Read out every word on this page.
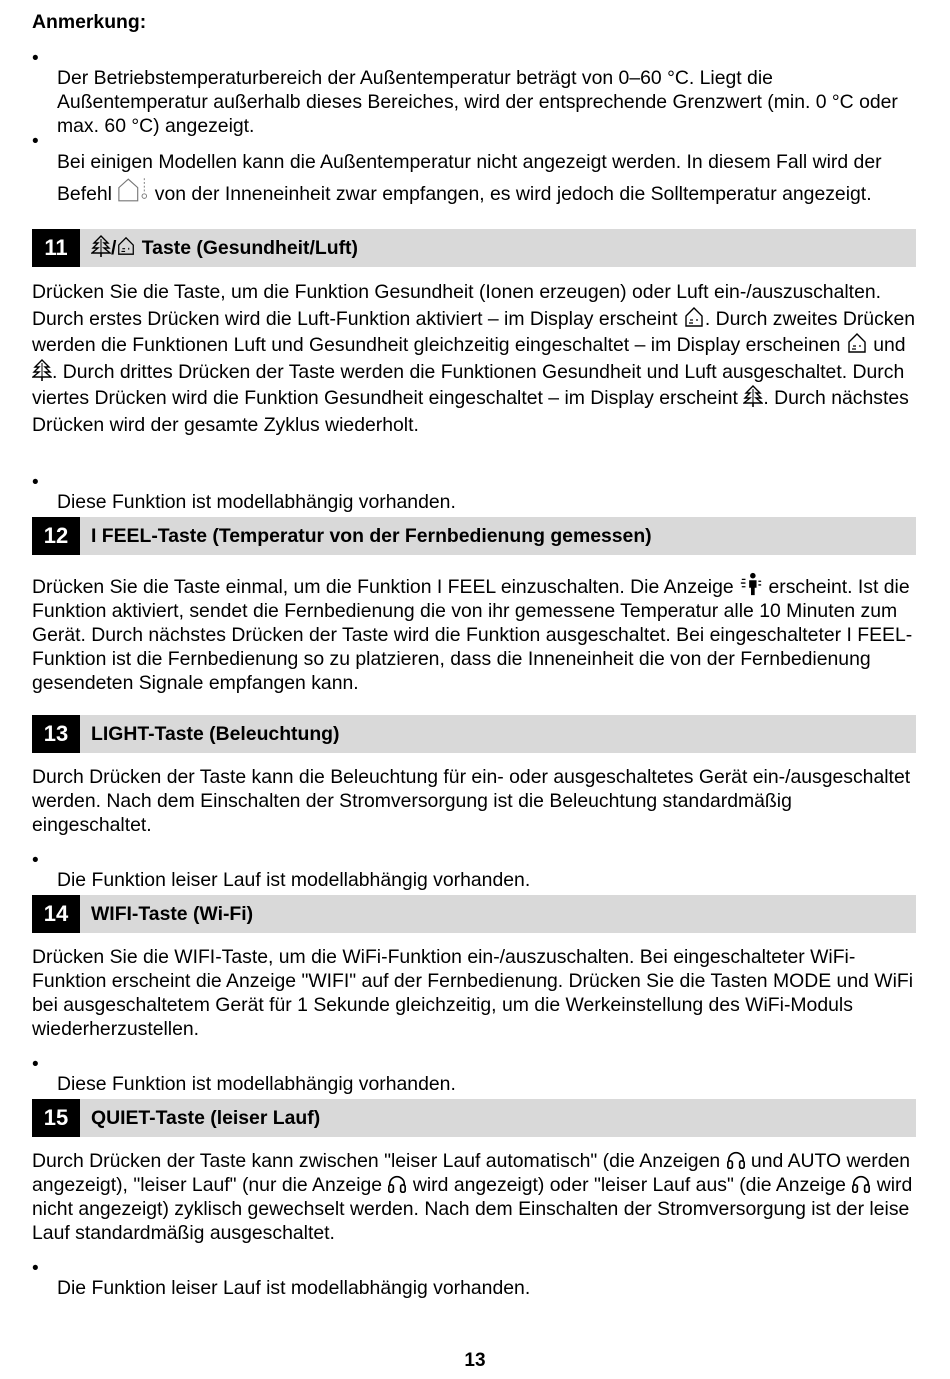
Anmerkung:
•

Der Betriebstemperaturbereich der Außentemperatur beträgt von 0–60 °C. Liegt die Außentemperatur außerhalb dieses Bereiches, wird der entsprechende Grenzwert (min. 0 °C oder max. 60 °C) angezeigt.

•

Bei einigen Modellen kann die Außentemperatur nicht angezeigt werden. In diesem Fall wird der Befehl von der Inneneinheit zwar empfangen, es wird jedoch die Solltemperatur angezeigt.

11	/ Taste (Gesundheit/Luft)

Drücken Sie die Taste, um die Funktion Gesundheit (Ionen erzeugen) oder Luft ein-/auszuschalten. Durch erstes Drücken wird die Luft-Funktion aktiviert – im Display erscheint . Durch zweites Drücken werden die Funktionen Luft und Gesundheit gleichzeitig eingeschaltet – im Display erscheinen und . Durch drittes Drücken der Taste werden die Funktionen Gesundheit und Luft ausgeschaltet. Durch viertes Drücken wird die Funktion Gesundheit eingeschaltet – im Display erscheint . Durch nächstes Drücken wird der gesamte Zyklus wiederholt.

•

Diese Funktion ist modellabhängig vorhanden.

12	I FEEL-Taste (Temperatur von der Fernbedienung gemessen)

Drücken Sie die Taste einmal, um die Funktion I FEEL einzuschalten. Die Anzeige erscheint. Ist die Funktion aktiviert, sendet die Fernbedienung die von ihr gemessene Temperatur alle 10 Minuten zum Gerät. Durch nächstes Drücken der Taste wird die Funktion ausgeschaltet. Bei eingeschalteter I FEEL-Funktion ist die Fernbedienung so zu platzieren, dass die Inneneinheit die von der Fernbedienung gesendeten Signale empfangen kann.

13	LIGHT-Taste (Beleuchtung)

Durch Drücken der Taste kann die Beleuchtung für ein- oder ausgeschaltetes Gerät ein-/ausgeschaltet werden. Nach dem Einschalten der Stromversorgung ist die Beleuchtung standardmäßig eingeschaltet.

•

Die Funktion leiser Lauf ist modellabhängig vorhanden.

14	WIFI-Taste (Wi-Fi)

Drücken Sie die WIFI-Taste, um die WiFi-Funktion ein-/auszuschalten. Bei eingeschalteter WiFi-Funktion erscheint die Anzeige "WIFI" auf der Fernbedienung. Drücken Sie die Tasten MODE und WiFi bei ausgeschaltetem Gerät für 1 Sekunde gleichzeitig, um die Werkeinstellung des WiFi-Moduls wiederherzustellen.

•

Diese Funktion ist modellabhängig vorhanden.

15	QUIET-Taste (leiser Lauf)

Durch Drücken der Taste kann zwischen "leiser Lauf automatisch" (die Anzeigen und AUTO werden angezeigt), "leiser Lauf" (nur die Anzeige wird angezeigt) oder "leiser Lauf aus" (die Anzeige wird nicht angezeigt) zyklisch gewechselt werden. Nach dem Einschalten der Stromversorgung ist der leise Lauf standardmäßig ausgeschaltet.

•

Die Funktion leiser Lauf ist modellabhängig vorhanden.

13
